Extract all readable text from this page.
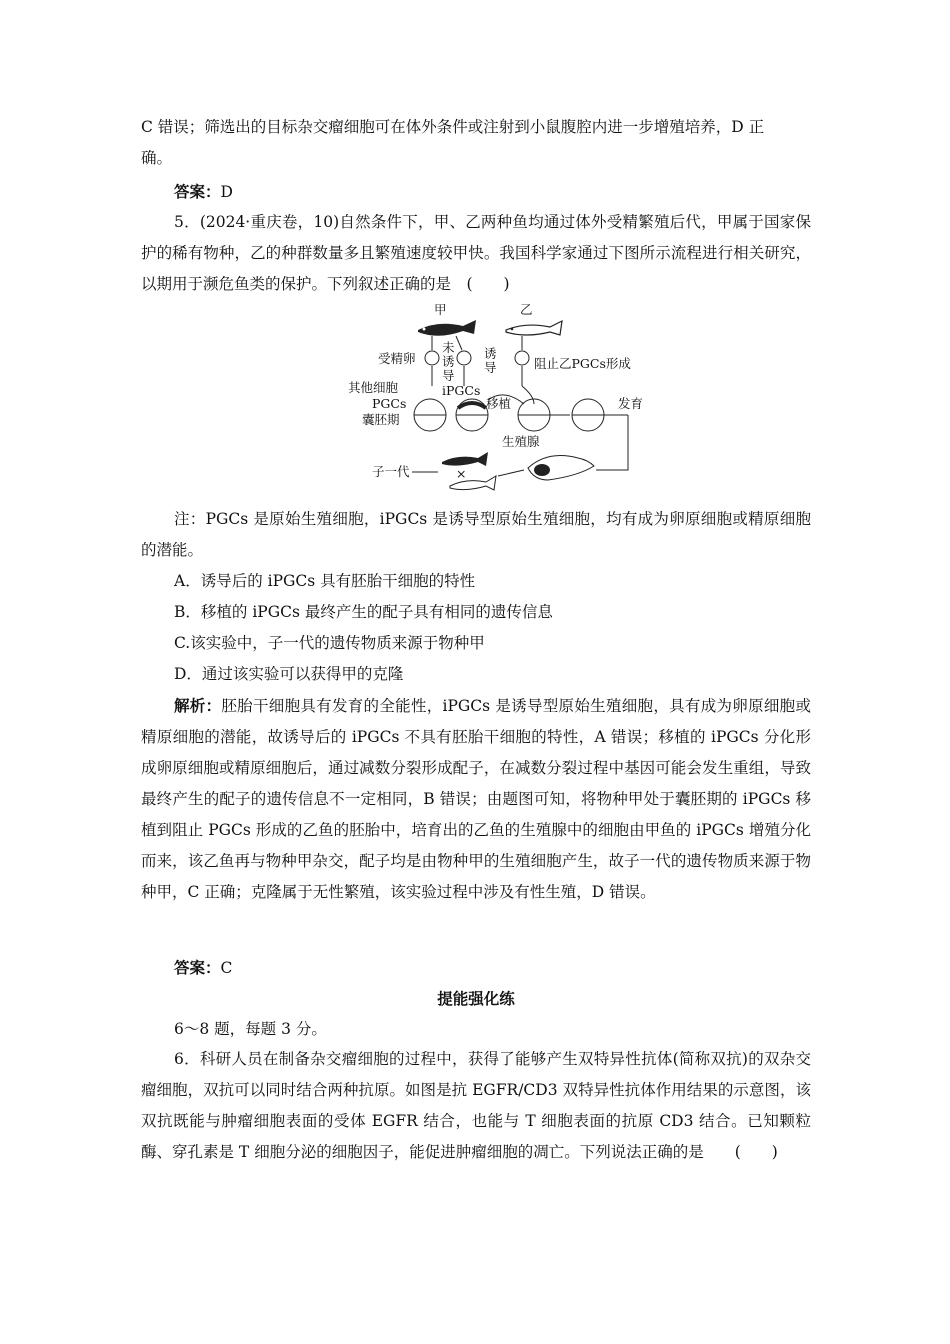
C 错误；筛选出的目标杂交瘤细胞可在体外条件或注射到小鼠腹腔内进一步增殖培养，D 正
确。
答案：D
5．(2024·重庆卷，10)自然条件下，甲、乙两种鱼均通过体外受精繁殖后代，甲属于国家保护的稀有物种，乙的种群数量多且繁殖速度较甲快。我国科学家通过下图所示流程进行相关研究，以期用于濒危鱼类的保护。下列叙述正确的是　(　　)
甲	乙
受精卵
未
诱
导
诱
导	阻止乙PGCs形成
其他细胞
PGCs
囊胚期
iPGCs
移植	发育
生殖腺
×
子一代
注：PGCs 是原始生殖细胞，iPGCs 是诱导型原始生殖细胞，均有成为卵原细胞或精原细胞的潜能。
A．诱导后的 iPGCs 具有胚胎干细胞的特性
B．移植的 iPGCs 最终产生的配子具有相同的遗传信息
C.该实验中，子一代的遗传物质来源于物种甲
D．通过该实验可以获得甲的克隆
解析：胚胎干细胞具有发育的全能性，iPGCs 是诱导型原始生殖细胞，具有成为卵原细胞或精原细胞的潜能，故诱导后的 iPGCs 不具有胚胎干细胞的特性，A 错误；移植的 iPGCs 分化形成卵原细胞或精原细胞后，通过减数分裂形成配子，在减数分裂过程中基因可能会发生重组，导致最终产生的配子的遗传信息不一定相同，B 错误；由题图可知，将物种甲处于囊胚期的 iPGCs 移植到阻止 PGCs 形成的乙鱼的胚胎中，培育出的乙鱼的生殖腺中的细胞由甲鱼的 iPGCs 增殖分化而来，该乙鱼再与物种甲杂交，配子均是由物种甲的生殖细胞产生，故子一代的遗传物质来源于物种甲，C 正确；克隆属于无性繁殖，该实验过程中涉及有性生殖，D 错误。
答案：C
提能强化练
6～8 题，每题 3 分。
6．科研人员在制备杂交瘤细胞的过程中，获得了能够产生双特异性抗体(简称双抗)的双杂交瘤细胞，双抗可以同时结合两种抗原。如图是抗 EGFR/CD3 双特异性抗体作用结果的示意图，该双抗既能与肿瘤细胞表面的受体 EGFR 结合，也能与 T 细胞表面的抗原 CD3 结合。已知颗粒酶、穿孔素是 T 细胞分泌的细胞因子，能促进肿瘤细胞的凋亡。下列说法正确的是　　(　　)
